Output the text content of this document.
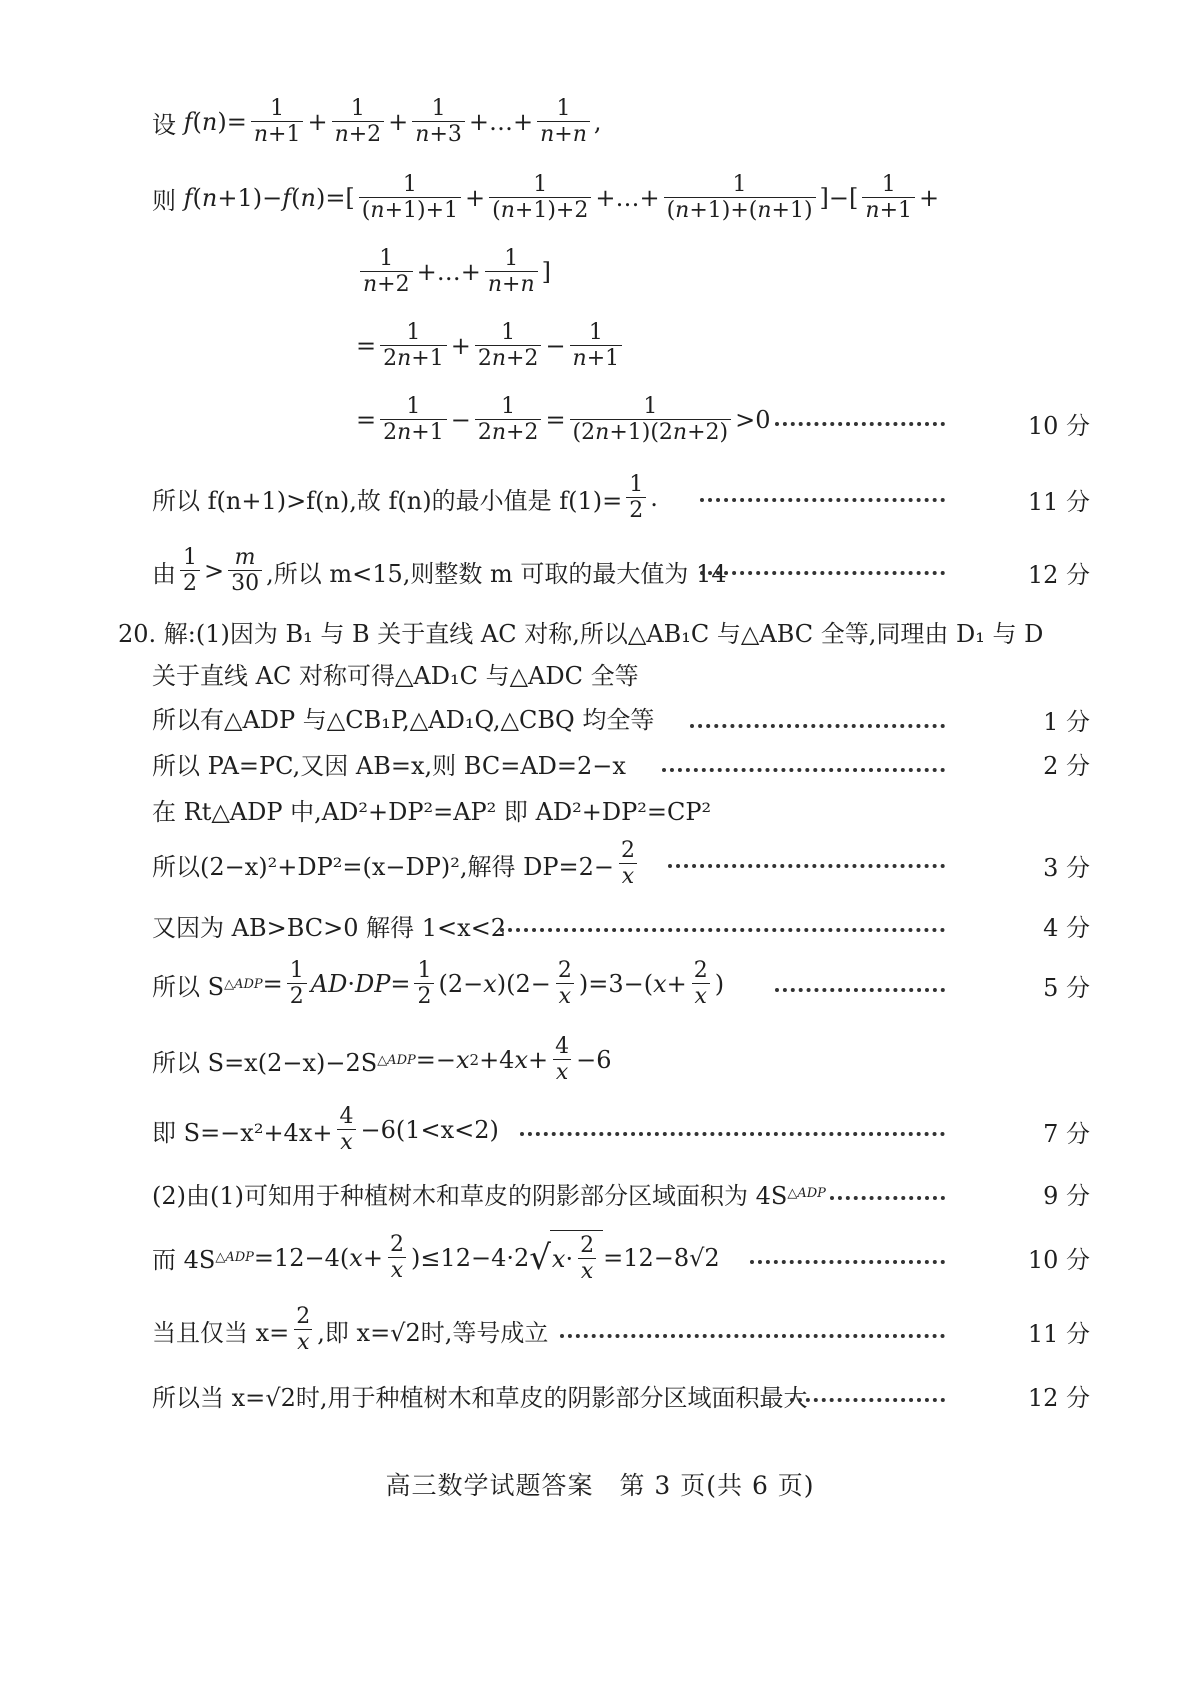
设 f ( n )= $\frac{1}{n+1} + \frac{1}{n+2} + \frac{1}{n+3}$ +…+ $\frac{1}{n+n}$ ,
则 f ( n +1)− f ( n )=[ $\frac{1}{(n+1)+1} + \frac{1}{(n+1)+2}$ +…+ $\frac{1}{(n+1)+(n+1)}$ ]−[ $\frac{1}{n+1}$ +
$\frac{1}{n+2}$ +…+ $\frac{1}{n+n}$ ]
= $\frac{1}{2n+1} + \frac{1}{2n+2} - \frac{1}{n+1}$
= $\frac{1}{2n+1} - \frac{1}{2n+2} = \frac{1}{(2n+1)(2n+2)} >0$	10 分
所以 f(n+1)>f(n),故 f(n)的最小值是 $f(1)= \frac{1}{2}$ .	11 分
由 $\frac{1}{2} > \frac{m}{30}$ ,所以 m<15,则整数 m 可取的最大值为 14	12 分
20. 解:(1)因为 B₁ 与 B 关于直线 AC 对称,所以△AB₁C 与△ABC 全等,同理由 D₁ 与 D
关于直线 AC 对称可得△AD₁C 与△ADC 全等
所以有△ADP 与△CB₁P,△AD₁Q,△CBQ 均全等	1 分
所以 PA=PC,又因 AB=x,则 BC=AD=2−x	2 分
在 Rt△ADP 中,AD²+DP²=AP² 即 AD²+DP²=CP²
所以(2−x)²+DP²=(x−DP)²,解得 $DP=2- \frac{2}{x}$	3 分
又因为 AB>BC>0 解得 1<x<2	4 分
所以 S △ADP = $\frac{1}{2}$ AD · DP = $\frac{1}{2} (2- x$ )$(2- \frac{2}{x} )=3-$( $x + \frac{2}{x}$ )	5 分
所以 S=x(2−x)−2S △ADP =− x 2 +4 $x + \frac{4}{x} -6$
即 $S=-x^2+4x+ \frac{4}{x} -6(1<x<2)$	7 分
(2)由(1)可知用于种植树木和草皮的阴影部分区域面积为 4S △ADP	9 分
而 4S △ADP =12−4( $x + \frac{2}{x} )\le 12-4\cdot 2$ √ $x \cdot \frac{2}{x} =12-8√2$	10 分
当且仅当 $x= \frac{2}{x}$ ,即 x=√2时,等号成立	11 分
所以当 x=√2时,用于种植树木和草皮的阴影部分区域面积最大	12 分
高三数学试题答案　第 3 页(共 6 页)
